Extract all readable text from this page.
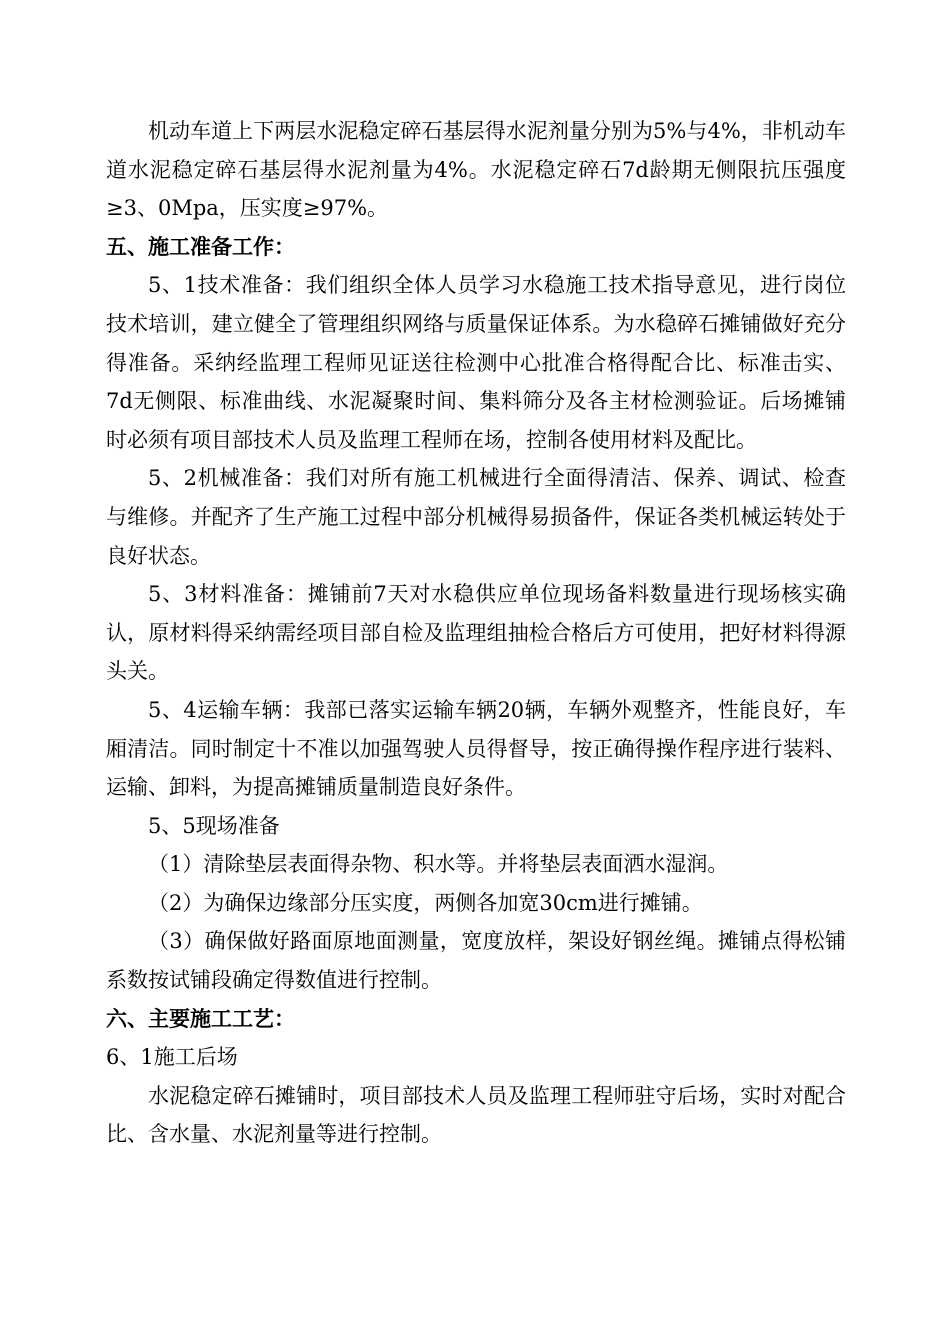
机动车道上下两层水泥稳定碎石基层得水泥剂量分别为5%与4%，非机动车道水泥稳定碎石基层得水泥剂量为4%。水泥稳定碎石7d龄期无侧限抗压强度≥3、0Mpa，压实度≥97%。

五、施工准备工作：

5、1技术准备：我们组织全体人员学习水稳施工技术指导意见，进行岗位技术培训，建立健全了管理组织网络与质量保证体系。为水稳碎石摊铺做好充分得准备。采纳经监理工程师见证送往检测中心批准合格得配合比、标准击实、7d无侧限、标准曲线、水泥凝聚时间、集料筛分及各主材检测验证。后场摊铺时必须有项目部技术人员及监理工程师在场，控制各使用材料及配比。

5、2机械准备：我们对所有施工机械进行全面得清洁、保养、调试、检查与维修。并配齐了生产施工过程中部分机械得易损备件，保证各类机械运转处于良好状态。

5、3材料准备：摊铺前7天对水稳供应单位现场备料数量进行现场核实确认，原材料得采纳需经项目部自检及监理组抽检合格后方可使用，把好材料得源头关。

5、4运输车辆：我部已落实运输车辆20辆，车辆外观整齐，性能良好，车厢清洁。同时制定十不准以加强驾驶人员得督导，按正确得操作程序进行装料、运输、卸料，为提高摊铺质量制造良好条件。

5、5现场准备

（1）清除垫层表面得杂物、积水等。并将垫层表面洒水湿润。

（2）为确保边缘部分压实度，两侧各加宽30cm进行摊铺。

（3）确保做好路面原地面测量，宽度放样，架设好钢丝绳。摊铺点得松铺系数按试铺段确定得数值进行控制。

六、主要施工工艺：

6、1施工后场

水泥稳定碎石摊铺时，项目部技术人员及监理工程师驻守后场，实时对配合比、含水量、水泥剂量等进行控制。
